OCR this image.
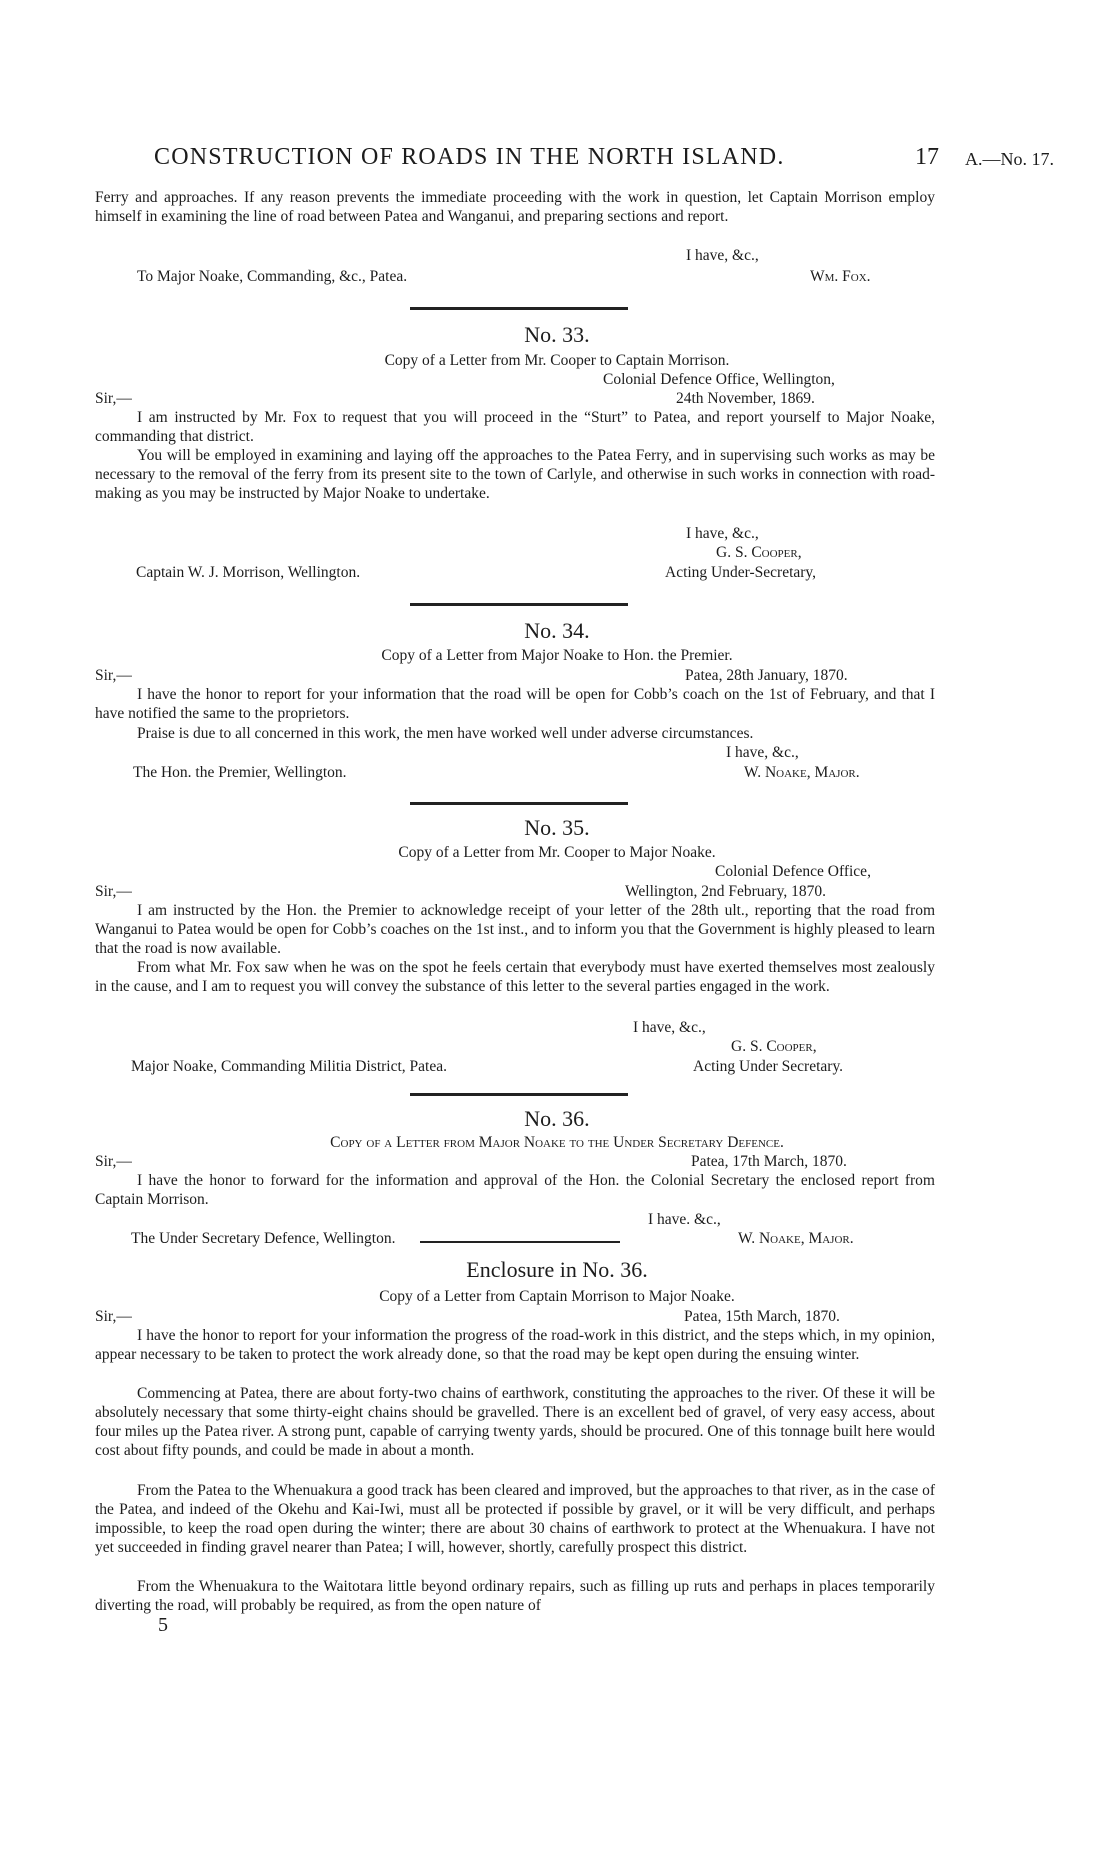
CONSTRUCTION OF ROADS IN THE NORTH ISLAND.	17 A.—No. 17.
Ferry and approaches. If any reason prevents the immediate proceeding with the work in question, let Captain Morrison employ himself in examining the line of road between Patea and Wanganui, and preparing sections and report.
I have, &c.,
To Major Noake, Commanding, &c., Patea.	Wm. Fox.
No. 33.
Copy of a Letter from Mr. Cooper to Captain Morrison.
Colonial Defence Office, Wellington,
Sir,—	24th November, 1869.
I am instructed by Mr. Fox to request that you will proceed in the “Sturt” to Patea, and report yourself to Major Noake, commanding that district.
You will be employed in examining and laying off the approaches to the Patea Ferry, and in supervising such works as may be necessary to the removal of the ferry from its present site to the town of Carlyle, and otherwise in such works in connection with road-making as you may be instructed by Major Noake to undertake.
I have, &c.,
G. S. Cooper,
Captain W. J. Morrison, Wellington.	Acting Under-Secretary,
No. 34.
Copy of a Letter from Major Noake to Hon. the Premier.
Sir,—	Patea, 28th January, 1870.
I have the honor to report for your information that the road will be open for Cobb’s coach on the 1st of February, and that I have notified the same to the proprietors.
Praise is due to all concerned in this work, the men have worked well under adverse circumstances.
I have, &c.,
The Hon. the Premier, Wellington.	W. Noake, Major.
No. 35.
Copy of a Letter from Mr. Cooper to Major Noake.
Colonial Defence Office,
Sir,—	Wellington, 2nd February, 1870.
I am instructed by the Hon. the Premier to acknowledge receipt of your letter of the 28th ult., reporting that the road from Wanganui to Patea would be open for Cobb’s coaches on the 1st inst., and to inform you that the Government is highly pleased to learn that the road is now available.
From what Mr. Fox saw when he was on the spot he feels certain that everybody must have exerted themselves most zealously in the cause, and I am to request you will convey the substance of this letter to the several parties engaged in the work.
I have, &c.,
G. S. Cooper,
Major Noake, Commanding Militia District, Patea.	Acting Under Secretary.
No. 36.
Copy of a Letter from Major Noake to the Under Secretary Defence.
Sir,—	Patea, 17th March, 1870.
I have the honor to forward for the information and approval of the Hon. the Colonial Secretary the enclosed report from Captain Morrison.
I have. &c.,
The Under Secretary Defence, Wellington.	W. Noake, Major.
Enclosure in No. 36.
Copy of a Letter from Captain Morrison to Major Noake.
Sir,—	Patea, 15th March, 1870.
I have the honor to report for your information the progress of the road-work in this district, and the steps which, in my opinion, appear necessary to be taken to protect the work already done, so that the road may be kept open during the ensuing winter.
Commencing at Patea, there are about forty-two chains of earthwork, constituting the approaches to the river. Of these it will be absolutely necessary that some thirty-eight chains should be gravelled. There is an excellent bed of gravel, of very easy access, about four miles up the Patea river. A strong punt, capable of carrying twenty yards, should be procured. One of this tonnage built here would cost about fifty pounds, and could be made in about a month.
From the Patea to the Whenuakura a good track has been cleared and improved, but the approaches to that river, as in the case of the Patea, and indeed of the Okehu and Kai-Iwi, must all be protected if possible by gravel, or it will be very difficult, and perhaps impossible, to keep the road open during the winter; there are about 30 chains of earthwork to protect at the Whenuakura. I have not yet succeeded in finding gravel nearer than Patea; I will, however, shortly, carefully prospect this district.
From the Whenuakura to the Waitotara little beyond ordinary repairs, such as filling up ruts and perhaps in places temporarily diverting the road, will probably be required, as from the open nature of
5
